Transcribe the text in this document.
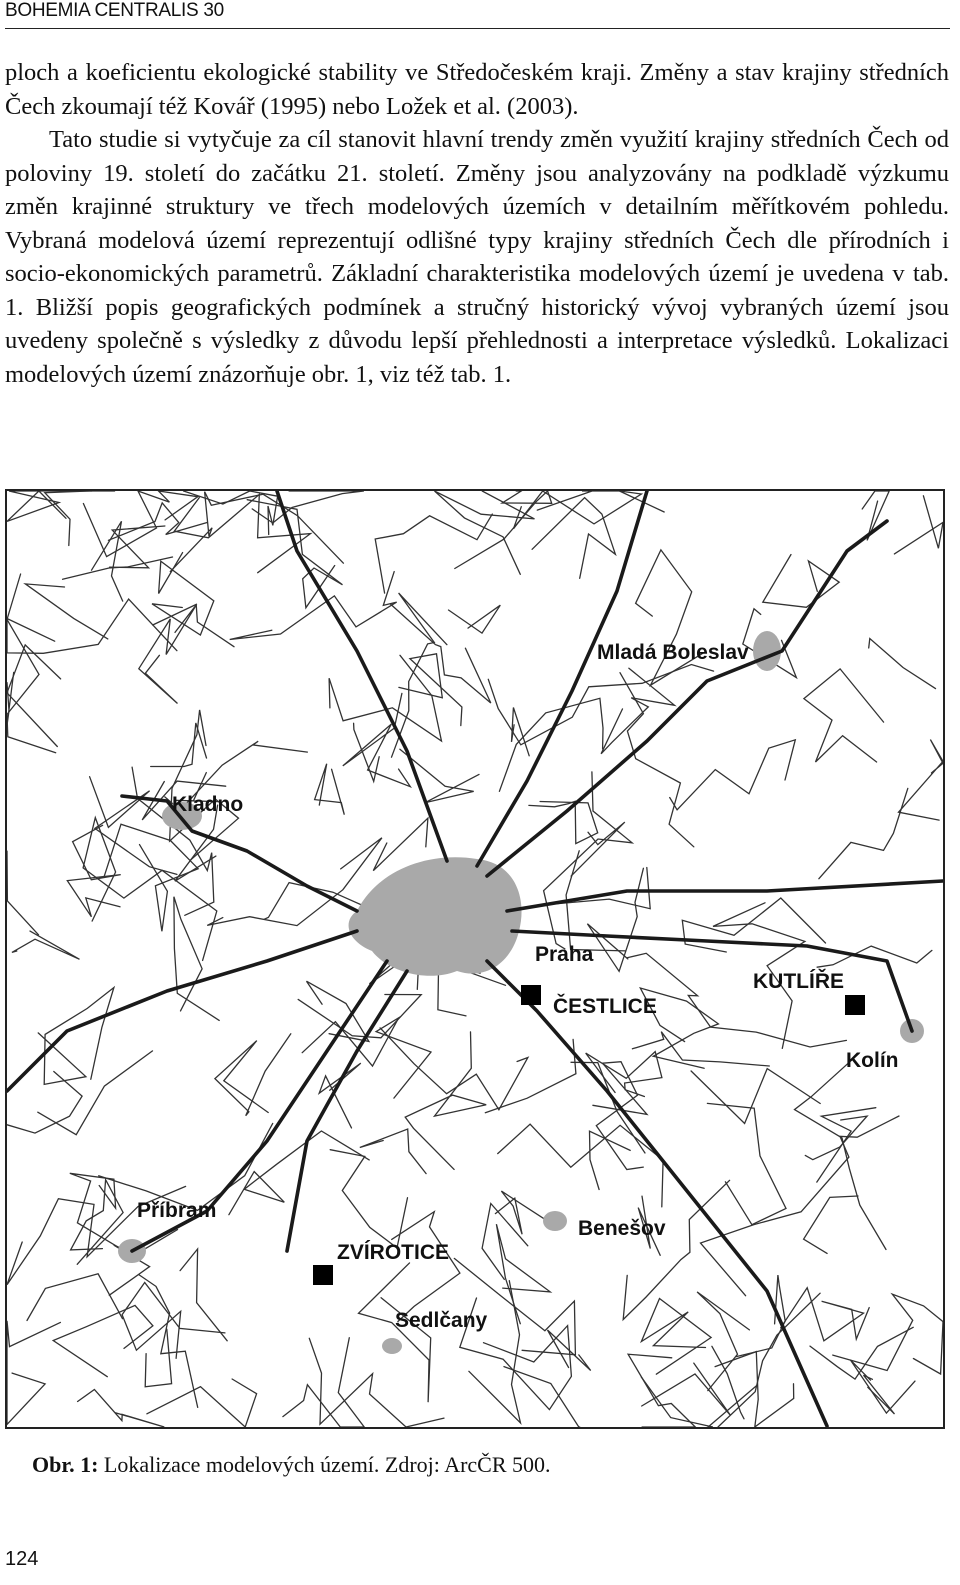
BOHEMIA CENTRALIS 30

ploch a koeficientu ekologické stability ve Středočeském kraji. Změny a stav krajiny středních Čech zkoumají též Kovář (1995) nebo Ložek et al. (2003).

Tato studie si vytyčuje za cíl stanovit hlavní trendy změn využití krajiny středních Čech od poloviny 19. století do začátku 21. století. Změny jsou analyzovány na podkladě výzkumu změn krajinné struktury ve třech modelových územích v detailním měřítkovém pohledu. Vybraná modelová území reprezentují odlišné typy krajiny středních Čech dle přírodních i socio-ekonomických parametrů. Základní charakteristika modelových území je uvedena v tab. 1. Bližší popis geografických podmínek a stručný historický vývoj vybraných území jsou uvedeny společně s výsledky z důvodu lepší přehlednosti a interpretace výsledků. Lokalizaci modelových území znázorňuje obr. 1, viz též tab. 1.

Mladá Boleslav
Kladno
Praha
ČESTLICE
KUTLÍŘE
Kolín
Příbram
Benešov
ZVÍROTICE
Sedlčany
Obr. 1: Lokalizace modelových území. Zdroj: ArcČR 500.
124
